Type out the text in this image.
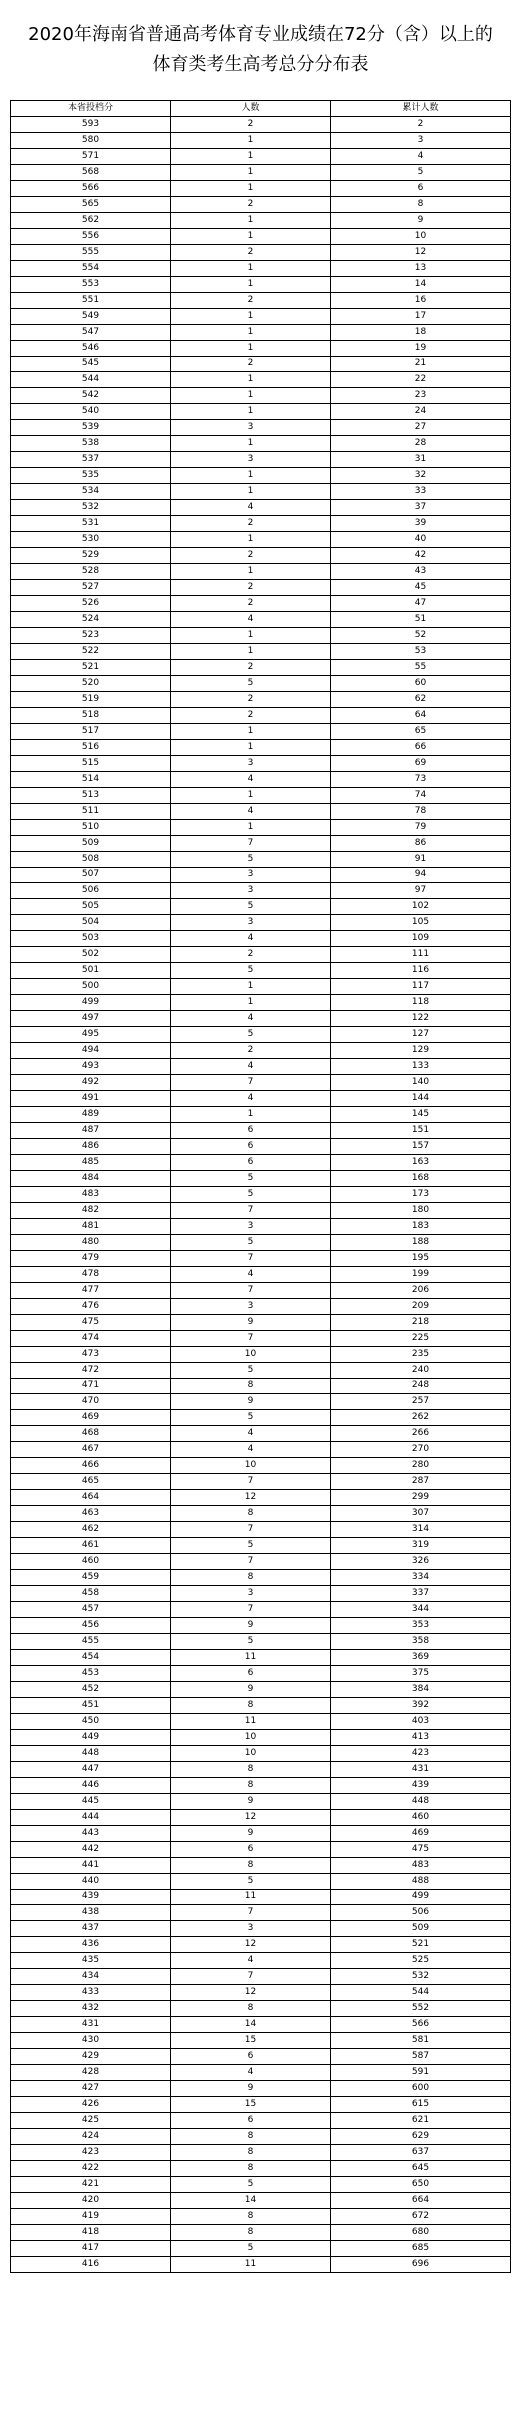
2020年海南省普通高考体育专业成绩在72分（含）以上的
体育类考生高考总分分布表
本省投档分	人数	累计人数
593	2	2
580	1	3
571	1	4
568	1	5
566	1	6
565	2	8
562	1	9
556	1	10
555	2	12
554	1	13
553	1	14
551	2	16
549	1	17
547	1	18
546	1	19
545	2	21
544	1	22
542	1	23
540	1	24
539	3	27
538	1	28
537	3	31
535	1	32
534	1	33
532	4	37
531	2	39
530	1	40
529	2	42
528	1	43
527	2	45
526	2	47
524	4	51
523	1	52
522	1	53
521	2	55
520	5	60
519	2	62
518	2	64
517	1	65
516	1	66
515	3	69
514	4	73
513	1	74
511	4	78
510	1	79
509	7	86
508	5	91
507	3	94
506	3	97
505	5	102
504	3	105
503	4	109
502	2	111
501	5	116
500	1	117
499	1	118
497	4	122
495	5	127
494	2	129
493	4	133
492	7	140
491	4	144
489	1	145
487	6	151
486	6	157
485	6	163
484	5	168
483	5	173
482	7	180
481	3	183
480	5	188
479	7	195
478	4	199
477	7	206
476	3	209
475	9	218
474	7	225
473	10	235
472	5	240
471	8	248
470	9	257
469	5	262
468	4	266
467	4	270
466	10	280
465	7	287
464	12	299
463	8	307
462	7	314
461	5	319
460	7	326
459	8	334
458	3	337
457	7	344
456	9	353
455	5	358
454	11	369
453	6	375
452	9	384
451	8	392
450	11	403
449	10	413
448	10	423
447	8	431
446	8	439
445	9	448
444	12	460
443	9	469
442	6	475
441	8	483
440	5	488
439	11	499
438	7	506
437	3	509
436	12	521
435	4	525
434	7	532
433	12	544
432	8	552
431	14	566
430	15	581
429	6	587
428	4	591
427	9	600
426	15	615
425	6	621
424	8	629
423	8	637
422	8	645
421	5	650
420	14	664
419	8	672
418	8	680
417	5	685
416	11	696
